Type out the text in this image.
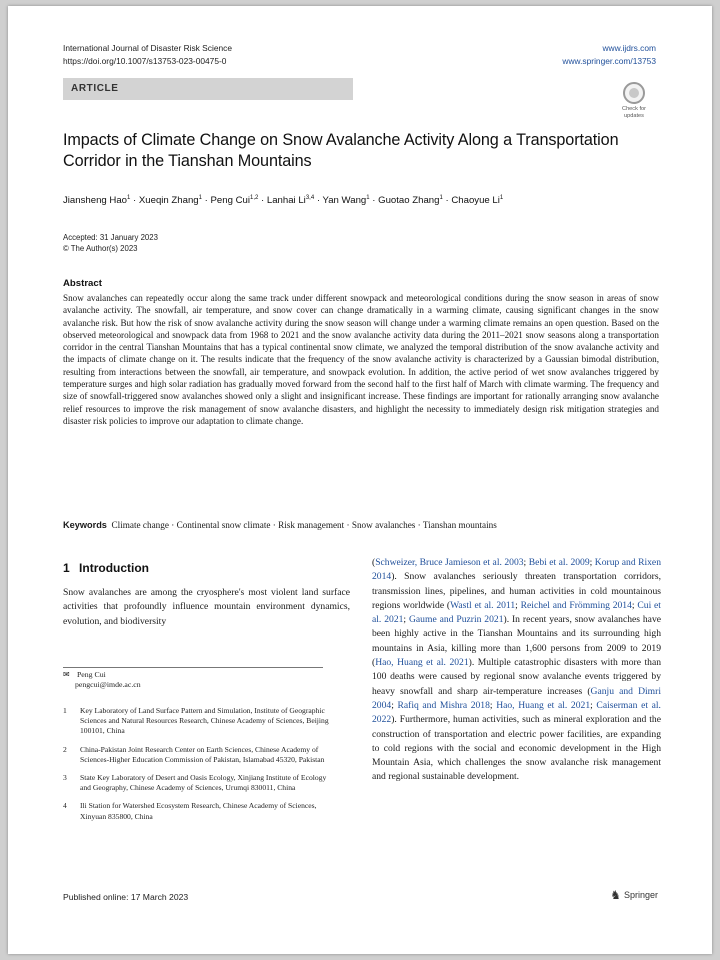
International Journal of Disaster Risk Science
https://doi.org/10.1007/s13753-023-00475-0
www.ijdrs.com
www.springer.com/13753
ARTICLE
Check for
updates
Impacts of Climate Change on Snow Avalanche Activity Along a Transportation Corridor in the Tianshan Mountains
Jiansheng Hao$^1$ · Xueqin Zhang$^1$ · Peng Cui$^{1,2}$ · Lanhai Li$^{3,4}$ · Yan Wang$^1$ · Guotao Zhang$^1$ · Chaoyue Li$^1$
Accepted: 31 January 2023
© The Author(s) 2023
Abstract
Snow avalanches can repeatedly occur along the same track under different snowpack and meteorological conditions during the snow season in areas of snow avalanche activity. The snowfall, air temperature, and snow cover can change dramatically in a warming climate, causing significant changes in the snow avalanche risk. But how the risk of snow avalanche activity during the snow season will change under a warming climate remains an open question. Based on the observed meteorological and snowpack data from 1968 to 2021 and the snow avalanche activity data during the 2011–2021 snow seasons along a transportation corridor in the central Tianshan Mountains that has a typical continental snow climate, we analyzed the temporal distribution of the snow avalanche activity and the impacts of climate change on it. The results indicate that the frequency of the snow avalanche activity is characterized by a Gaussian bimodal distribution, resulting from interactions between the snowfall, air temperature, and snowpack evolution. In addition, the active period of wet snow avalanches triggered by temperature surges and high solar radiation has gradually moved forward from the second half to the first half of March with climate warming. The frequency and size of snowfall-triggered snow avalanches showed only a slight and insignificant increase. These findings are important for rationally arranging snow avalanche relief resources to improve the risk management of snow avalanche disasters, and highlight the necessity to immediately design risk mitigation strategies and disaster risk policies to improve our adaptation to climate change.
Keywords Climate change · Continental snow climate · Risk management · Snow avalanches · Tianshan mountains
1 Introduction
Snow avalanches are among the cryosphere's most violent land surface activities that profoundly influence mountain environment dynamics, evolution, and biodiversity
(Schweizer, Bruce Jamieson et al. 2003; Bebi et al. 2009; Korup and Rixen 2014). Snow avalanches seriously threaten transportation corridors, transmission lines, pipelines, and human activities in cold mountainous regions worldwide (Wastl et al. 2011; Reichel and Frömming 2014; Cui et al. 2021; Gaume and Puzrin 2021). In recent years, snow avalanches have been highly active in the Tianshan Mountains and its surrounding high mountains in Asia, killing more than 1,600 persons from 2009 to 2019 (Hao, Huang et al. 2021). Multiple catastrophic disasters with more than 100 deaths were caused by regional snow avalanche events triggered by heavy snowfall and sharp air-temperature increases (Ganju and Dimri 2004; Rafiq and Mishra 2018; Hao, Huang et al. 2021; Caiserman et al. 2022). Furthermore, human activities, such as mineral exploration and the construction of transportation and electric power facilities, are expanding to cold regions with the social and economic development in the High Mountain Asia, which challenges the snow avalanche risk management and regional sustainable development.
✉ Peng Cui
pengcui@imde.ac.cn
1 Key Laboratory of Land Surface Pattern and Simulation, Institute of Geographic Sciences and Natural Resources Research, Chinese Academy of Sciences, Beijing 100101, China
2 China-Pakistan Joint Research Center on Earth Sciences, Chinese Academy of Sciences-Higher Education Commission of Pakistan, Islamabad 45320, Pakistan
3 State Key Laboratory of Desert and Oasis Ecology, Xinjiang Institute of Ecology and Geography, Chinese Academy of Sciences, Urumqi 830011, China
4 Ili Station for Watershed Ecosystem Research, Chinese Academy of Sciences, Xinyuan 835800, China
Published online: 17 March 2023	♞ Springer
